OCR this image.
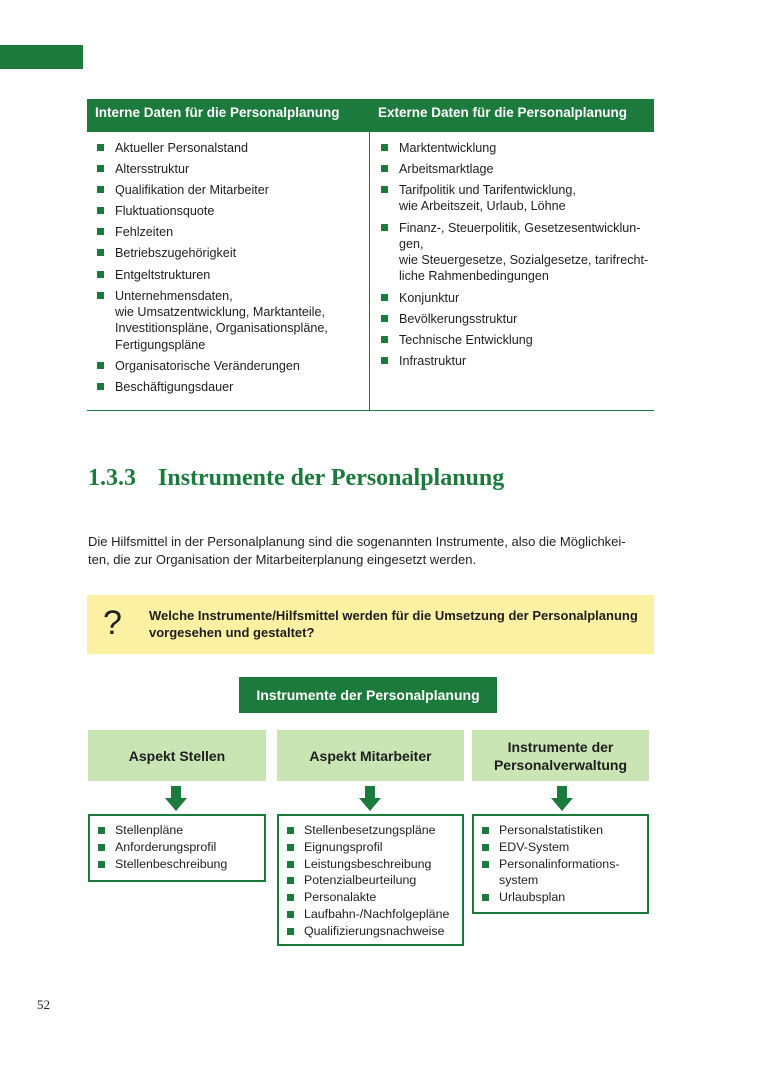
Interne Daten für die Personalplanung	Externe Daten für die Personalplanung
Aktueller Personalstand
Altersstruktur
Qualifikation der Mitarbeiter
Fluktuationsquote
Fehlzeiten
Betriebszugehörigkeit
Entgeltstrukturen
Unternehmensdaten,
wie Umsatzentwicklung, Marktanteile,
Investitionspläne, Organisationspläne,
Fertigungspläne
Organisatorische Veränderungen
Beschäftigungsdauer
Marktentwicklung
Arbeitsmarktlage
Tarifpolitik und Tarifentwicklung,
wie Arbeitszeit, Urlaub, Löhne
Finanz-, Steuerpolitik, Gesetzesentwicklun-
gen,
wie Steuergesetze, Sozialgesetze, tarifrecht-
liche Rahmenbedingungen
Konjunktur
Bevölkerungsstruktur
Technische Entwicklung
Infrastruktur
1.3.3 Instrumente der Personalplanung

Die Hilfsmittel in der Personalplanung sind die sogenannten Instrumente, also die Möglichkei-
ten, die zur Organisation der Mitarbeiterplanung eingesetzt werden.

? Welche Instrumente/Hilfsmittel werden für die Umsetzung der Personalplanung
vorgesehen und gestaltet?
Instrumente der Personalplanung
Aspekt Stellen	Aspekt Mitarbeiter
Instrumente der
Personalverwaltung
Stellenpläne
Anforderungsprofil
Stellenbeschreibung
Stellenbesetzungspläne
Eignungsprofil
Leistungsbeschreibung
Potenzialbeurteilung
Personalakte
Laufbahn-/Nachfolgepläne
Qualifizierungsnachweise
Personalstatistiken
EDV-System
Personalinformations-
system
Urlaubsplan
52
